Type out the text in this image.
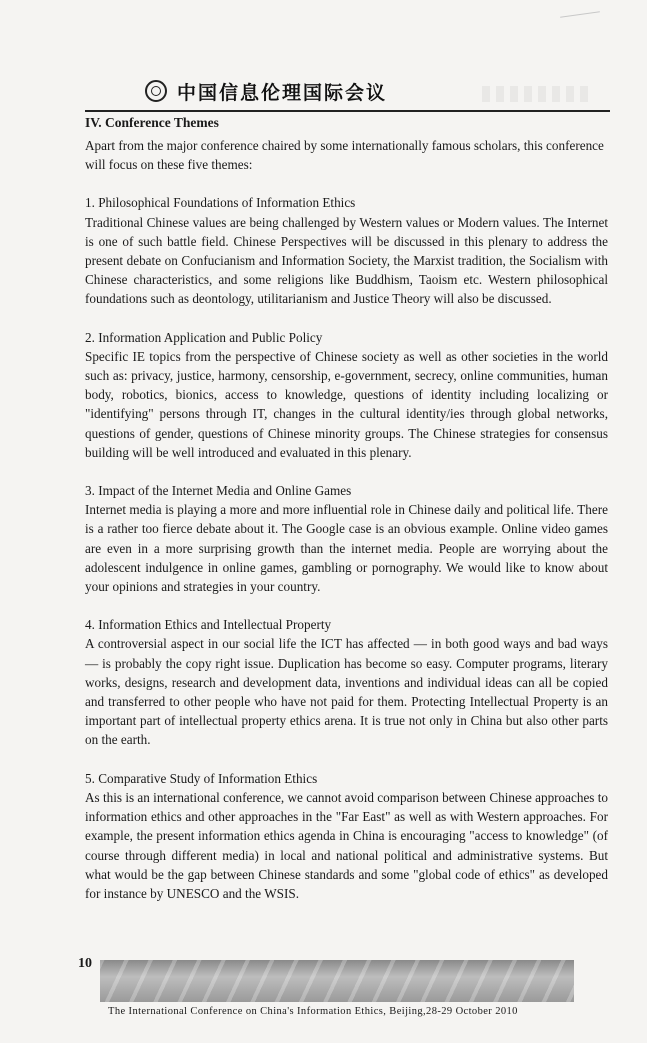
中国信息伦理国际会议
IV. Conference Themes

Apart from the major conference chaired by some internationally famous scholars, this conference will focus on these five themes:

1. Philosophical Foundations of Information Ethics

Traditional Chinese values are being challenged by Western values or Modern values. The Internet is one of such battle field. Chinese Perspectives will be discussed in this plenary to address the present debate on Confucianism and Information Society, the Marxist tradition, the Socialism with Chinese characteristics, and some religions like Buddhism, Taoism etc. Western philosophical foundations such as deontology, utilitarianism and Justice Theory will also be discussed.

2. Information Application and Public Policy

Specific IE topics from the perspective of Chinese society as well as other societies in the world such as: privacy, justice, harmony, censorship, e-government, secrecy, online communities, human body, robotics, bionics, access to knowledge, questions of identity including localizing or "identifying" persons through IT, changes in the cultural identity/ies through global networks, questions of gender, questions of Chinese minority groups. The Chinese strategies for consensus building will be well introduced and evaluated in this plenary.

3. Impact of the Internet Media and Online Games

Internet media is playing a more and more influential role in Chinese daily and political life. There is a rather too fierce debate about it. The Google case is an obvious example. Online video games are even in a more surprising growth than the internet media. People are worrying about the adolescent indulgence in online games, gambling or pornography. We would like to know about your opinions and strategies in your country.

4. Information Ethics and Intellectual Property

A controversial aspect in our social life the ICT has affected — in both good ways and bad ways — is probably the copy right issue. Duplication has become so easy. Computer programs, literary works, designs, research and development data, inventions and individual ideas can all be copied and transferred to other people who have not paid for them. Protecting Intellectual Property is an important part of intellectual property ethics arena. It is true not only in China but also other parts on the earth.

5. Comparative Study of Information Ethics

As this is an international conference, we cannot avoid comparison between Chinese approaches to information ethics and other approaches in the "Far East" as well as with Western approaches. For example, the present information ethics agenda in China is encouraging "access to knowledge" (of course through different media) in local and national political and administrative systems. But what would be the gap between Chinese standards and some "global code of ethics" as developed for instance by UNESCO and the WSIS.

10
The International Conference on China's Information Ethics, Beijing,28-29 October 2010
